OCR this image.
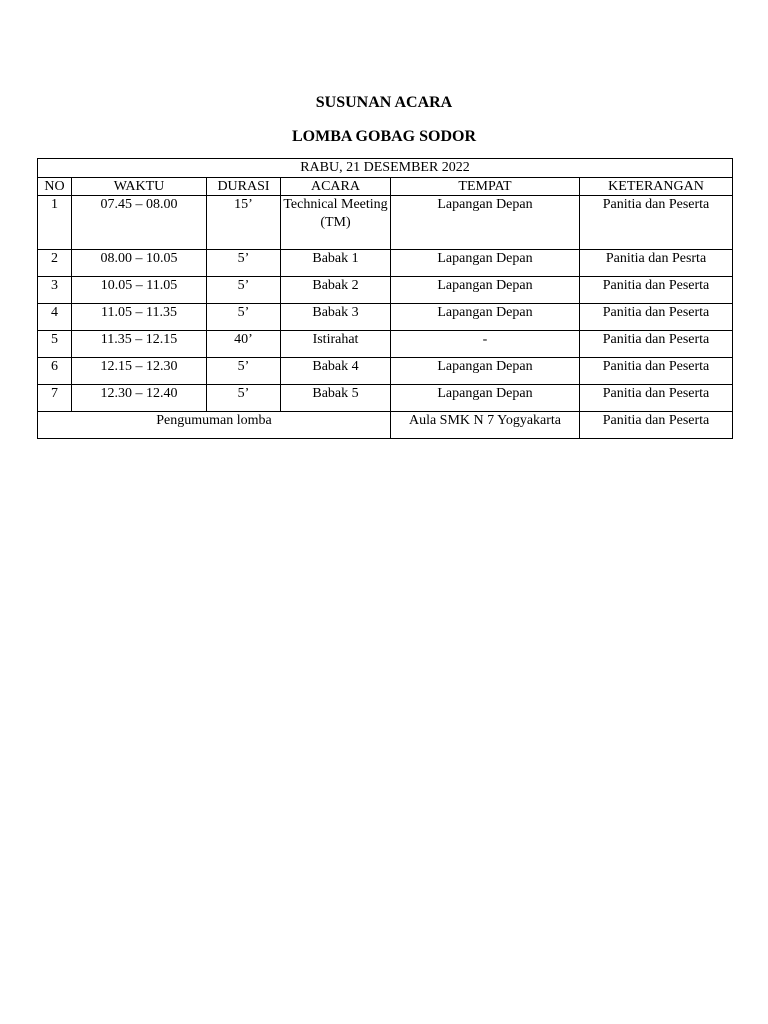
SUSUNAN ACARA
LOMBA GOBAG SODOR
RABU, 21 DESEMBER 2022					
NO	WAKTU	DURASI	ACARA	TEMPAT	KETERANGAN
1	07.45 – 08.00	15’	Technical Meeting (TM)	Lapangan Depan	Panitia dan Peserta
2	08.00 – 10.05	5’	Babak 1	Lapangan Depan	Panitia dan Pesrta
3	10.05 – 11.05	5’	Babak 2	Lapangan Depan	Panitia dan Peserta
4	11.05 – 11.35	5’	Babak 3	Lapangan Depan	Panitia dan Peserta
5	11.35 – 12.15	40’	Istirahat	-	Panitia dan Peserta
6	12.15 – 12.30	5’	Babak 4	Lapangan Depan	Panitia dan Peserta
7	12.30 – 12.40	5’	Babak 5	Lapangan Depan	Panitia dan Peserta
Pengumuman lomba				Aula SMK N 7 Yogyakarta	Panitia dan Peserta
